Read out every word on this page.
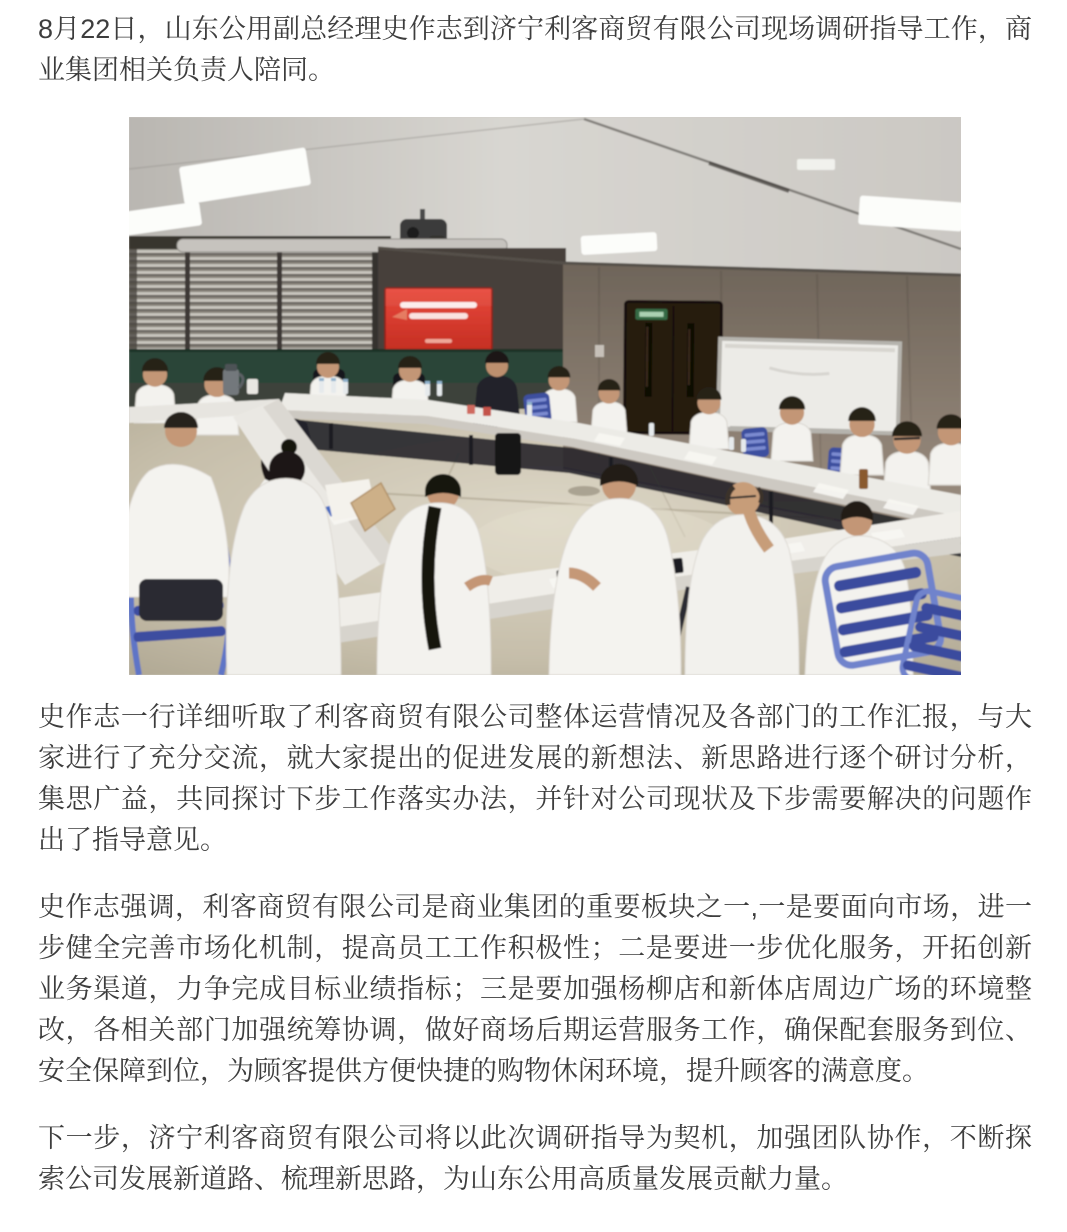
8月22日，山东公用副总经理史作志到济宁利客商贸有限公司现场调研指导工作，商业集团相关负责人陪同。

史作志一行详细听取了利客商贸有限公司整体运营情况及各部门的工作汇报，与大家进行了充分交流，就大家提出的促进发展的新想法、新思路进行逐个研讨分析，集思广益，共同探讨下步工作落实办法，并针对公司现状及下步需要解决的问题作出了指导意见。

史作志强调，利客商贸有限公司是商业集团的重要板块之一,一是要面向市场，进一步健全完善市场化机制，提高员工工作积极性；二是要进一步优化服务，开拓创新业务渠道，力争完成目标业绩指标；三是要加强杨柳店和新体店周边广场的环境整改，各相关部门加强统筹协调，做好商场后期运营服务工作，确保配套服务到位、安全保障到位，为顾客提供方便快捷的购物休闲环境，提升顾客的满意度。

下一步，济宁利客商贸有限公司将以此次调研指导为契机，加强团队协作，不断探索公司发展新道路、梳理新思路，为山东公用高质量发展贡献力量。
